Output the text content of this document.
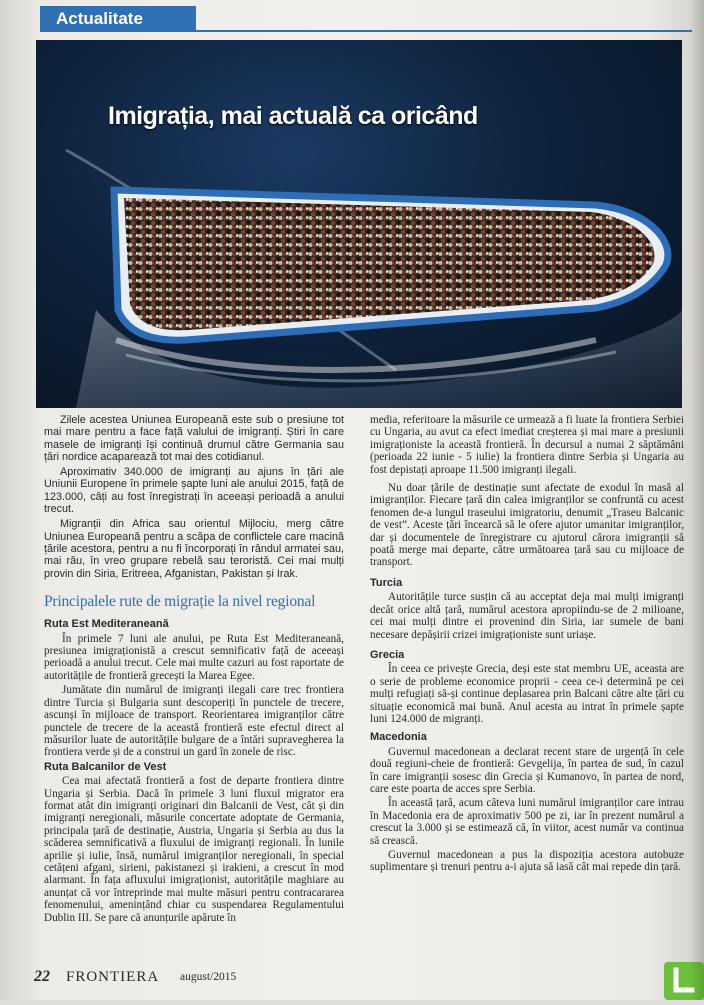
Actualitate
Imigrația, mai actuală ca oricând

Zilele acestea Uniunea Europeană este sub o presiune tot mai mare pentru a face față valului de imigranți. Știri în care masele de imigranți își continuă drumul către Germania sau țări nordice acaparează tot mai des cotidianul.

Aproximativ 340.000 de imigranți au ajuns în țări ale Uniunii Europene în primele șapte luni ale anului 2015, față de 123.000, câți au fost înregistrați în aceeași perioadă a anului trecut.

Migranții din Africa sau orientul Mijlociu, merg către Uniunea Europeană pentru a scăpa de conflictele care macină țările acestora, pentru a nu fi încorporați în rândul armatei sau, mai rău, în vreo grupare rebelă sau teroristă. Cei mai mulți provin din Siria, Eritreea, Afganistan, Pakistan și Irak.

Principalele rute de migrație la nivel regional

Ruta Est Mediteraneană

În primele 7 luni ale anului, pe Ruta Est Mediteraneană, presiunea imigraționistă a crescut semnificativ față de aceeași perioadă a anului trecut. Cele mai multe cazuri au fost raportate de autoritățile de frontieră grecești la Marea Egee.

Jumătate din numărul de imigranți ilegali care trec frontiera dintre Turcia și Bulgaria sunt descoperiți în punctele de trecere, ascunși în mijloace de transport. Reorientarea imigranților către punctele de trecere de la această frontieră este efectul direct al măsurilor luate de autoritățile bulgare de a întări supravegherea la frontiera verde și de a construi un gard în zonele de risc.

Ruta Balcanilor de Vest

Cea mai afectată frontieră a fost de departe frontiera dintre Ungaria și Serbia. Dacă în primele 3 luni fluxul migrator era format atât din imigranți originari din Balcanii de Vest, cât și din imigranți neregionali, măsurile concertate adoptate de Germania, principala țară de destinație, Austria, Ungaria și Serbia au dus la scăderea semnificativă a fluxului de imigranți regionali. În lunile aprilie și iulie, însă, numărul imigranților neregionali, în special cetățeni afgani, sirieni, pakistanezi și irakieni, a crescut în mod alarmant. În fața afluxului imigraționist, autoritățile maghiare au anunțat că vor întreprinde mai multe măsuri pentru contracararea fenomenului, amenințând chiar cu suspendarea Regulamentului Dublin III. Se pare că anunțurile apărute în

media, referitoare la măsurile ce urmează a fi luate la frontiera Serbiei cu Ungaria, au avut ca efect imediat creșterea și mai mare a presiunii imigraționiste la această frontieră. În decursul a numai 2 săptămâni (perioada 22 iunie - 5 iulie) la frontiera dintre Serbia și Ungaria au fost depistați aproape 11.500 imigranți ilegali.

Nu doar țările de destinație sunt afectate de exodul în masă al imigranților. Fiecare țară din calea imigranților se confruntă cu acest fenomen de-a lungul traseului imigratoriu, denumit „Traseu Balcanic de vest”. Aceste țări încearcă să le ofere ajutor umanitar imigranților, dar și documentele de înregistrare cu ajutorul cărora imigranții să poată merge mai departe, către următoarea țară sau cu mijloace de transport.

Turcia

Autoritățile turce susțin că au acceptat deja mai mulți imigranți decât orice altă țară, numărul acestora apropiindu-se de 2 milioane, cei mai mulți dintre ei provenind din Siria, iar sumele de bani necesare depășirii crizei imigraționiste sunt uriașe.

Grecia

În ceea ce privește Grecia, deși este stat membru UE, aceasta are o serie de probleme economice proprii - ceea ce-i determină pe cei mulți refugiați să-și continue deplasarea prin Balcani către alte țări cu situație economică mai bună. Anul acesta au intrat în primele șapte luni 124.000 de migranți.

Macedonia

Guvernul macedonean a declarat recent stare de urgență în cele două regiuni-cheie de frontieră: Gevgelija, în partea de sud, în cazul în care imigranții sosesc din Grecia și Kumanovo, în partea de nord, care este poarta de acces spre Serbia.

În această țară, acum câteva luni numărul imigranților care intrau în Macedonia era de aproximativ 500 pe zi, iar în prezent numărul a crescut la 3.000 și se estimează că, în viitor, acest număr va continua să crească.

Guvernul macedonean a pus la dispoziția acestora autobuze suplimentare și trenuri pentru a-i ajuta să iasă cât mai repede din țară.

22 FRONTIERA august/2015
